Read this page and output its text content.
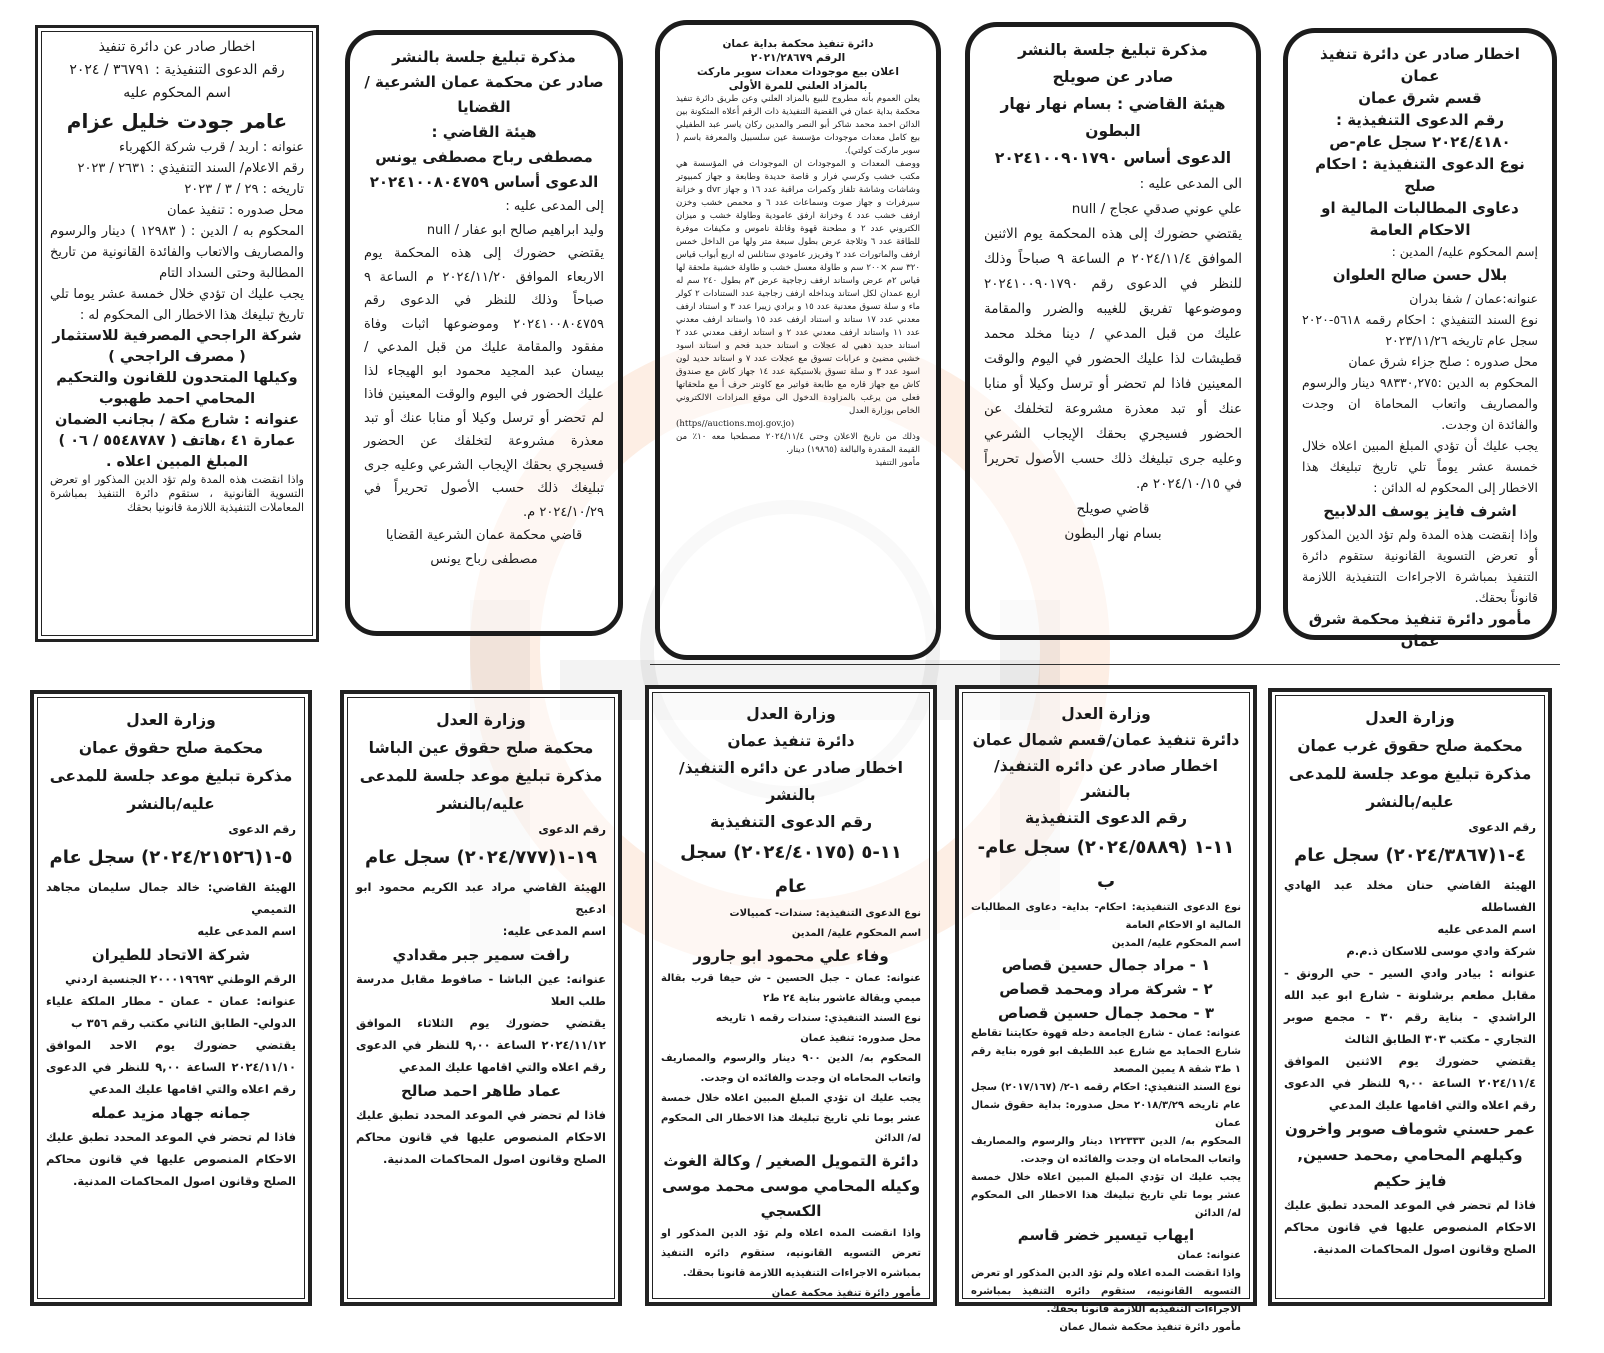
اخطار صادر عن دائرة تنفيذ عمان
قسم شرق عمان
رقم الدعوى التنفيذية :
٢٠٢٤/٤١٨٠ سجل عام-ص
نوع الدعوى التنفيذية : احكام صلح
دعاوى المطالبات المالية او الاحكام العامة
إسم المحكوم عليه/ المدين :
بلال حسن صالح العلوان
عنوانه:عمان / شفا بدران
نوع السند التنفيذي : احكام رقمه ٥٦١٨-٢٠٢٠ سجل عام تاريخه ٢٠٢٣/١١/٢٦
محل صدوره : صلح جزاء شرق عمان
المحكوم به الدين :٩٨٣٣٠,٢٧٥ دينار والرسوم والمصاريف واتعاب المحاماة ان وجدت والفائدة ان وجدت.
يجب عليك أن تؤدي المبلغ المبين اعلاه خلال خمسة عشر يوماً تلي تاريخ تبليغك هذا الاخطار إلى المحكوم له الدائن :
اشرف فايز يوسف الدلابيح
وإذا إنقضت هذه المدة ولم تؤد الدين المذكور أو تعرض التسوية القانونية ستقوم دائرة التنفيذ بمباشرة الاجراءات التنفيذية اللازمة قانوناً بحقك.
مأمور دائرة تنفيذ محكمة شرق عمان
مذكرة تبليغ جلسة بالنشر
صادر عن صويلح
هيئة القاضي : بسام نهار نهار البطون
الدعوى أساس ٢٠٢٤١٠٠٩٠١٧٩٠
الى المدعى عليه :
علي عوني صدقي عجاج / null
يقتضي حضورك إلى هذه المحكمة يوم الاثنين الموافق ٢٠٢٤/١١/٤ م الساعة ٩ صباحاً وذلك للنظر في الدعوى رقم ٢٠٢٤١٠٠٩٠١٧٩٠ وموضوعها تفريق للغيبه والضرر والمقامة عليك من قبل المدعي / دينا مخلد محمد قطيشات لذا عليك الحضور في اليوم والوقت المعينين فاذا لم تحضر أو ترسل وكيلا أو منابا عنك أو تبد معذرة مشروعة لتخلفك عن الحضور فسيجري بحقك الإيجاب الشرعي وعليه جرى تبليغك ذلك حسب الأصول تحريراً في ٢٠٢٤/١٠/١٥ م.
قاضي صويلح
بسام نهار البطون
دائرة تنفيذ محكمة بداية عمان
الرقم ٢٠٢١/٢٨٦٧٩
اعلان بيع موجودات معدات سوبر ماركت
بالمزاد العلني للمرة الأولى
يعلن العموم بأنه مطروح للبيع بالمزاد العلني وعن طريق دائرة تنفيذ محكمة بداية عمان في القضية التنفيذية ذات الرقم أعلاه المتكونة بين الدائن احمد محمد شاكر أبو النصر والمدين ركان ياسر عبد الطفيلي بيع كامل معدات موجودات مؤسسة عين سلسبيل والمعرفة باسم ( سوبر ماركت كولتي).
ووصف المعدات و الموجودات ان الموجودات في المؤسسة هي مكتب خشب وكرسي فرار و قاصة حديدة وطابعة و جهاز كمبيوتر وشاشات وشاشة تلفاز وكمرات مراقبة عدد ١٦ و جهاز dvr و خزانة سيرفرات و جهاز صوت وسماعات عدد ٦ و محمص خشب وخزن ارفف خشب عدد ٤ وخزانة ارفق عامودية وطاولة خشب و ميزان الكتروني عدد ٢ و مطحنة قهوة وقاتلة ناموس و مكيفات موفرة للطاقة عدد ٦ وثلاجة عرض بطول سبعة متر ولها من الداخل خمس ارفف والماتورات عدد ٢ وفريزر عامودي ستانلس له اربع أبواب قياس ٣٢٠ سم ×٢٠٠ سم و طاولة معسل خشب و طاولة خشبية ملحقة لها قياس ٢م عرض واستاند ارفف زجاجية عرض ٣م بطول ٢٤٠ سم له اربع عمدان لكل استاند وبداخله ارفف زجاجية عدد الستنادات ٢ كولر ماء و سلة تسوق معدنية عدد ١٥ و برادي زيبرا عدد ٣ و استناد ارفف معدني عدد ١٧ ستاند و استناد ارفف عدد ١٥ واستاند ارفف معدني عدد ١١ واستاند ارفف معدني عدد ٢ و استاند ارفف معدني عدد ٢ استاند حديد ذهبي له عجلات و استاند حديد فحم و استاند اسود خشبي مضيئ و عرابات تسوق مع عجلات عدد ٧ و استاند حديد لون اسود عدد ٣ و سلة تسوق بلاستيكية عدد ١٤ جهاز كاش مع صندوق كاش مع جهاز قاره مع طابعة فواتير مع كاونتر حرف أ مع ملحقاتها فعلى من يرغب بالمزاودة الدخول الى موقع المزادات الالكتروني الخاص بوزارة العدل
(https//auctions.moj.gov.jo)
وذلك من تاريخ الاعلان وحتى ٢٠٢٤/١١/٤ مصطحبا معه ١٠٪ من القيمة المقدرة والبالغة (١٩٨٦٥) دينار.
مأمور التنفيذ
مذكرة تبليغ جلسة بالنشر
صادر عن محكمة عمان الشرعية / القضايا
هيئة القاضي :
مصطفى رباح مصطفى يونس
الدعوى أساس ٢٠٢٤١٠٠٨٠٤٧٥٩
إلى المدعى عليه :
وليد ابراهيم صالح ابو عفار / null
يقتضي حضورك إلى هذه المحكمة يوم الاربعاء الموافق ٢٠٢٤/١١/٢٠ م الساعة ٩ صباحاً وذلك للنظر في الدعوى رقم ٢٠٢٤١٠٠٨٠٤٧٥٩ وموضوعها اثبات وفاة مفقود والمقامة عليك من قبل المدعي / بيسان عبد المجيد محمود ابو الهيجاء لذا عليك الحضور في اليوم والوقت المعينين فاذا لم تحضر أو ترسل وكيلا أو منابا عنك أو تبد معذرة مشروعة لتخلفك عن الحضور فسيجري بحقك الإيجاب الشرعي وعليه جرى تبليغك ذلك حسب الأصول تحريراً في ٢٠٢٤/١٠/٢٩ م.
قاضي محكمة عمان الشرعية القضايا
مصطفى رباح يونس
اخطار صادر عن دائرة تنفيذ
رقم الدعوى التنفيذية : ٣٦٧٩١ / ٢٠٢٤
اسم المحكوم عليه
عامر جودت خليل عزام
عنوانه : اربد / قرب شركة الكهرباء
رقم الاعلام/ السند التنفيذي : ٢٦٣١ / ٢٠٢٣
تاريخه : ٢٩ / ٣ / ٢٠٢٣
محل صدوره : تنفيذ عمان
المحكوم به / الدين : ( ١٢٩٨٣ ) دينار والرسوم والمصاريف والاتعاب والفائدة القانونية من تاريخ المطالبة وحتى السداد التام
يجب عليك ان تؤدي خلال خمسة عشر يوما تلي تاريخ تبليغك هذا الاخطار الى المحكوم له :
شركة الراجحي المصرفية للاستثمار
( مصرف الراجحي )
وكيلها المتحدون للقانون والتحكيم
المحامي احمد طهبوب
عنوانه : شارع مكة / بجانب الضمان
عمارة ٤١ ،هاتف ( ٥٥٤٨٧٨٧ / ٠٦ )
المبلغ المبين اعلاه .
واذا انقضت هذه المدة ولم تؤد الدين المذكور او تعرض التسوية القانونية ، ستقوم دائرة التنفيذ بمباشرة المعاملات التنفيذية اللازمة قانونيا بحقك
وزارة العدل
محكمة صلح حقوق غرب عمان
مذكرة تبليغ موعد جلسة للمدعى
عليه/بالنشر
رقم الدعوى
٤-١(٢٠٢٤/٣٨٦٧) سجل عام
الهيئة القاضي حنان مخلد عبد الهادي الفساطله
اسم المدعى عليه
شركة وادي موسى للاسكان ذ.م.م
عنوانه : بيادر وادي السير - حي الرونق - مقابل مطعم برشلونة - شارع ابو عبد الله الراشدي - بناية رقم ٣٠ - مجمع صوبر التجاري - مكتب ٣٠٣ الطابق الثالث
يقتضي حضورك يوم الاثنين الموافق ٢٠٢٤/١١/٤ الساعة ٩,٠٠ للنظر في الدعوى رقم اعلاه والتي اقامها عليك المدعي
عمر حسني شوماف صوبر واخرون
وكيلهم المحامي ,محمد حسين, فايز حكيم
فاذا لم تحضر في الموعد المحدد تطبق عليك الاحكام المنصوص عليها في قانون محاكم الصلح وقانون اصول المحاكمات المدنية.
وزارة العدل
دائرة تنفيذ عمان/قسم شمال عمان
اخطار صادر عن دائره التنفيذ/ بالنشر
رقم الدعوى التنفيذية
١١-١ (٢٠٢٤/٥٨٨٩) سجل عام-ب
نوع الدعوى التنفيذية: احكام- بداية- دعاوى المطالبات المالية او الاحكام العامة
اسم المحكوم عليه/ المدين
١ - مراد جمال حسين قصاص
٢ - شركة مراد ومحمد قصاص
٣ - محمد جمال حسين قصاص
عنوانه: عمان - شارع الجامعة دخله قهوة حكايتنا تقاطع شارع الحمايد مع شارع عبد اللطيف ابو قوره بناية رقم ١ ط٣ شقة ٨ يمين المصعد
نوع السند التنفيذي: احكام رقمه ١-٢/ (٢٠١٧/١٦٧) سجل عام تاريخه ٢٠١٨/٣/٢٩ محل صدوره: بداية حقوق شمال عمان
المحكوم به/ الدين ١٢٢٣٣٣ دينار والرسوم والمصاريف واتعاب المحاماه ان وجدت والفائده ان وجدت.
يجب عليك ان تؤدي المبلغ المبين اعلاه خلال خمسة عشر يوما تلي تاريخ تبليغك هذا الاخطار الى المحكوم له/ الدائن
ايهاب تيسير خضر قاسم
عنوانه: عمان
واذا انقضت المده اعلاه ولم تؤد الدين المذكور او تعرض التسويه القانونيه، ستقوم دائره التنفيذ بمباشره الاجراءات التنفيذيه اللازمة قانونا بحقك.
مأمور دائرة تنفيذ محكمة شمال عمان
وزارة العدل
دائرة تنفيذ عمان
اخطار صادر عن دائره التنفيذ/ بالنشر
رقم الدعوى التنفيذية
١١-٥ (٢٠٢٤/٤٠١٧٥) سجل عام
نوع الدعوى التنفيذية: سندات- كمبيالات
اسم المحكوم علية/ المدين
وفاء علي محمود ابو جارور
عنوانه: عمان - جبل الحسين - ش حيفا قرب بقالة ميمي وبقالة عاشور بناية ٢٤ ط٢
نوع السند التنفيذي: سندات رقمه ١ تاريخه
محل صدوره: تنفيذ عمان
المحكوم به/ الدين ٩٠٠ دينار والرسوم والمصاريف واتعاب المحاماه ان وجدت والفائده ان وجدت.
يجب عليك ان تؤدي المبلغ المبين اعلاه خلال خمسة عشر يوما تلي تاريخ تبليغك هذا الاخطار الى المحكوم له/ الدائن
دائرة التمويل الصغير / وكالة الغوث
وكيله المحامي موسى محمد موسى الكسجي
واذا انقضت المده اعلاه ولم تؤد الدين المذكور او تعرض التسويه القانونيه، ستقوم دائره التنفيذ بمباشره الاجراءات التنفيذيه اللازمة قانونا بحقك.
مأمور دائرة تنفيذ محكمة عمان
وزارة العدل
محكمة صلح حقوق عين الباشا
مذكرة تبليغ موعد جلسة للمدعى
عليه/بالنشر
رقم الدعوى
١٩-١(٢٠٢٤/٧٧٧) سجل عام
الهيئة القاضي مراد عبد الكريم محمود ابو ادعيج
اسم المدعى عليه:
رافت سمير جبر مقدادي
عنوانه: عين الباشا - صافوط مقابل مدرسة طلب العلا
يقتضي حضورك يوم الثلاثاء الموافق ٢٠٢٤/١١/١٢ الساعة ٩,٠٠ للنظر في الدعوى رقم اعلاه والتي اقامها عليك المدعي
عماد طاهر احمد صالح
فاذا لم تحضر في الموعد المحدد تطبق عليك الاحكام المنصوص عليها في قانون محاكم الصلح وقانون اصول المحاكمات المدنية.
وزارة العدل
محكمة صلح حقوق عمان
مذكرة تبليغ موعد جلسة للمدعى
عليه/بالنشر
رقم الدعوى
٥-١(٢٠٢٤/٢١٥٢٦) سجل عام
الهيئة القاضي: خالد جمال سليمان مجاهد التميمي
اسم المدعى عليه
شركة الاتحاد للطيران
الرقم الوطني ٢٠٠٠١٩٦٩٣ الجنسية اردني
عنوانه: عمان - عمان - مطار الملكة علياء الدولي- الطابق الثاني مكتب رقم ٣٥٦ ب
يقتضي حضورك يوم الاحد الموافق ٢٠٢٤/١١/١٠ الساعة ٩,٠٠ للنظر في الدعوى رقم اعلاه والتي اقامها عليك المدعي
جمانه جهاد مزيد عمله
فاذا لم تحضر في الموعد المحدد تطبق عليك الاحكام المنصوص عليها في قانون محاكم الصلح وقانون اصول المحاكمات المدنية.
